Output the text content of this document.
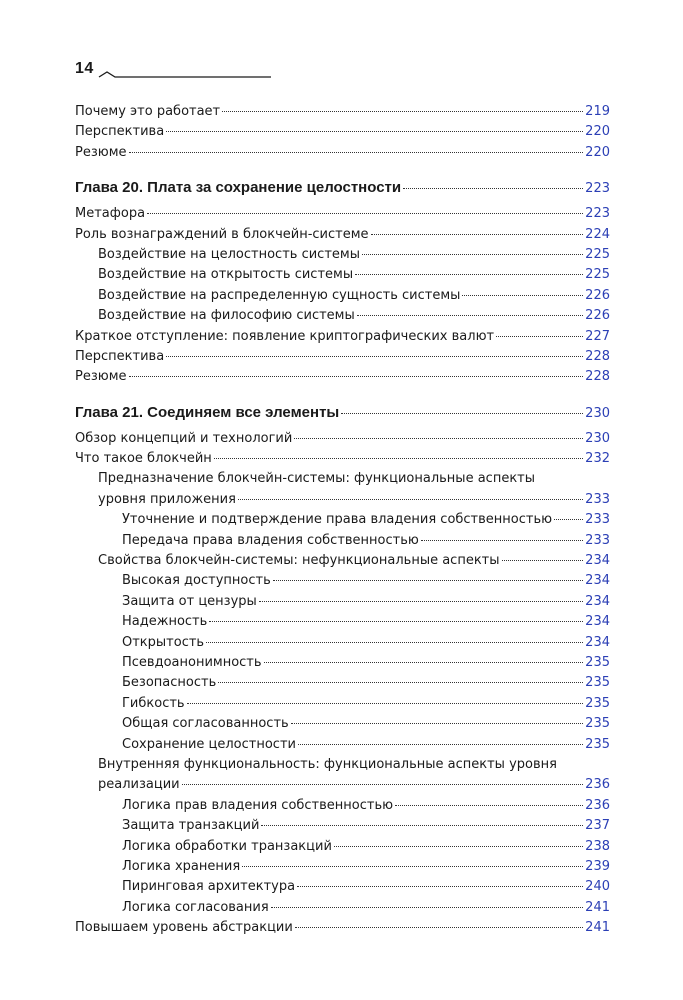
14
Почему это работает	219
Перспектива	220
Резюме	220
Глава 20. Плата за сохранение целостности	223
Метафора	223
Роль вознаграждений в блокчейн-системе	224
Воздействие на целостность системы	225
Воздействие на открытость системы	225
Воздействие на распределенную сущность системы	226
Воздействие на философию системы	226
Краткое отступление: появление криптографических валют	227
Перспектива	228
Резюме	228
Глава 21. Соединяем все элементы	230
Обзор концепций и технологий	230
Что такое блокчейн	232
Предназначение блокчейн-системы: функциональные аспекты
уровня приложения	233
Уточнение и подтверждение права владения собственностью	233
Передача права владения собственностью	233
Свойства блокчейн-системы: нефункциональные аспекты	234
Высокая доступность	234
Защита от цензуры	234
Надежность	234
Открытость	234
Псевдоанонимность	235
Безопасность	235
Гибкость	235
Общая согласованность	235
Сохранение целостности	235
Внутренняя функциональность: функциональные аспекты уровня
реализации	236
Логика прав владения собственностью	236
Защита транзакций	237
Логика обработки транзакций	238
Логика хранения	239
Пиринговая архитектура	240
Логика согласования	241
Повышаем уровень абстракции	241
